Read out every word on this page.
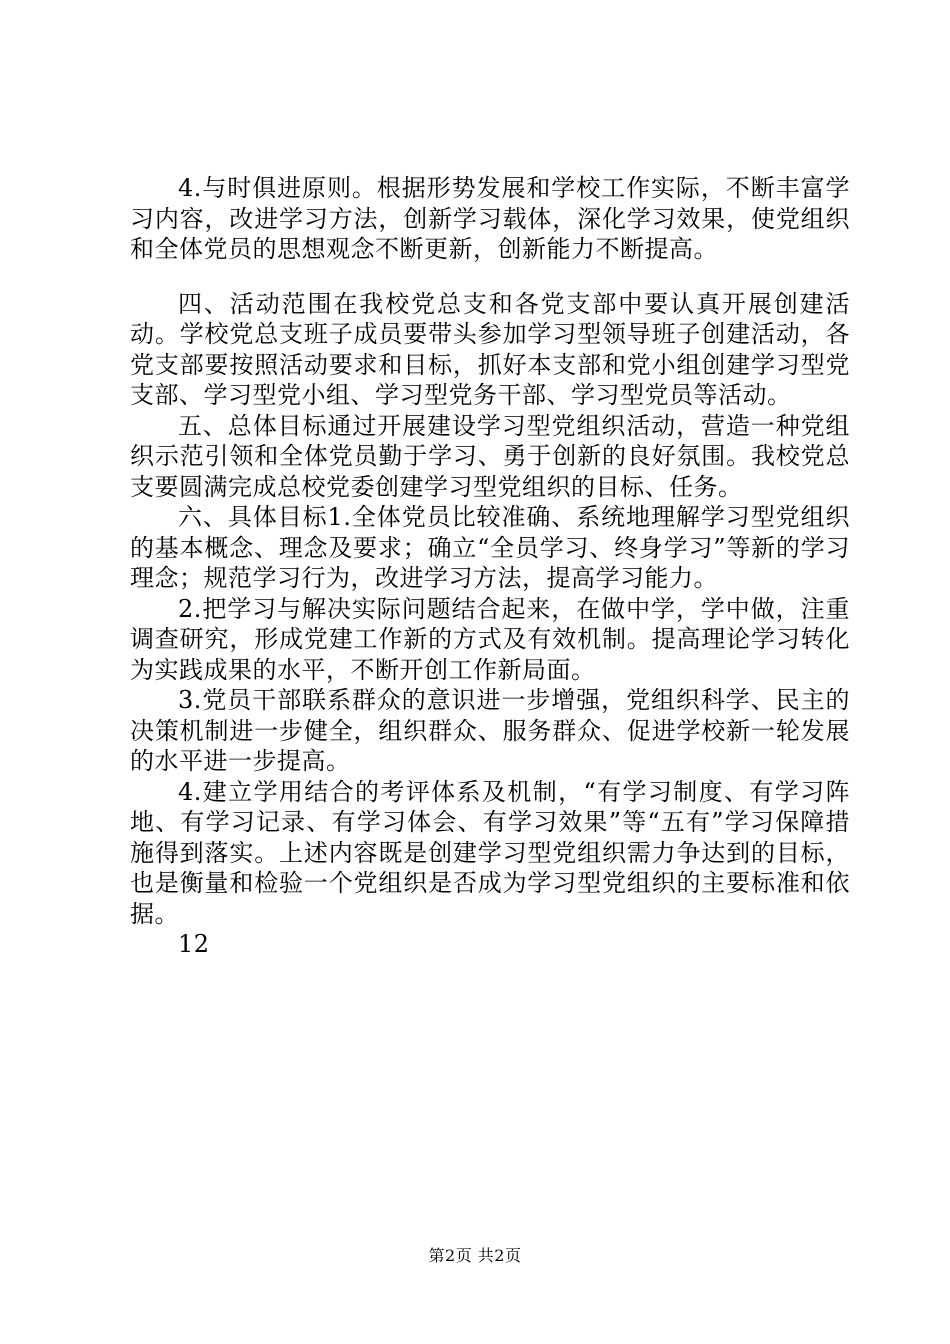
4.与时俱进原则。根据形势发展和学校工作实际，不断丰富学习内容，改进学习方法，创新学习载体，深化学习效果，使党组织和全体党员的思想观念不断更新，创新能力不断提高。

四、活动范围在我校党总支和各党支部中要认真开展创建活动。学校党总支班子成员要带头参加学习型领导班子创建活动，各党支部要按照活动要求和目标，抓好本支部和党小组创建学习型党支部、学习型党小组、学习型党务干部、学习型党员等活动。

五、总体目标通过开展建设学习型党组织活动，营造一种党组织示范引领和全体党员勤于学习、勇于创新的良好氛围。我校党总支要圆满完成总校党委创建学习型党组织的目标、任务。

六、具体目标1.全体党员比较准确、系统地理解学习型党组织的基本概念、理念及要求；确立“全员学习、终身学习”等新的学习理念；规范学习行为，改进学习方法，提高学习能力。

2.把学习与解决实际问题结合起来，在做中学，学中做，注重调查研究，形成党建工作新的方式及有效机制。提高理论学习转化为实践成果的水平，不断开创工作新局面。

3.党员干部联系群众的意识进一步增强，党组织科学、民主的决策机制进一步健全，组织群众、服务群众、促进学校新一轮发展的水平进一步提高。

4.建立学用结合的考评体系及机制，“有学习制度、有学习阵地、有学习记录、有学习体会、有学习效果”等“五有”学习保障措施得到落实。上述内容既是创建学习型党组织需力争达到的目标，也是衡量和检验一个党组织是否成为学习型党组织的主要标准和依据。

12

第2页 共2页
